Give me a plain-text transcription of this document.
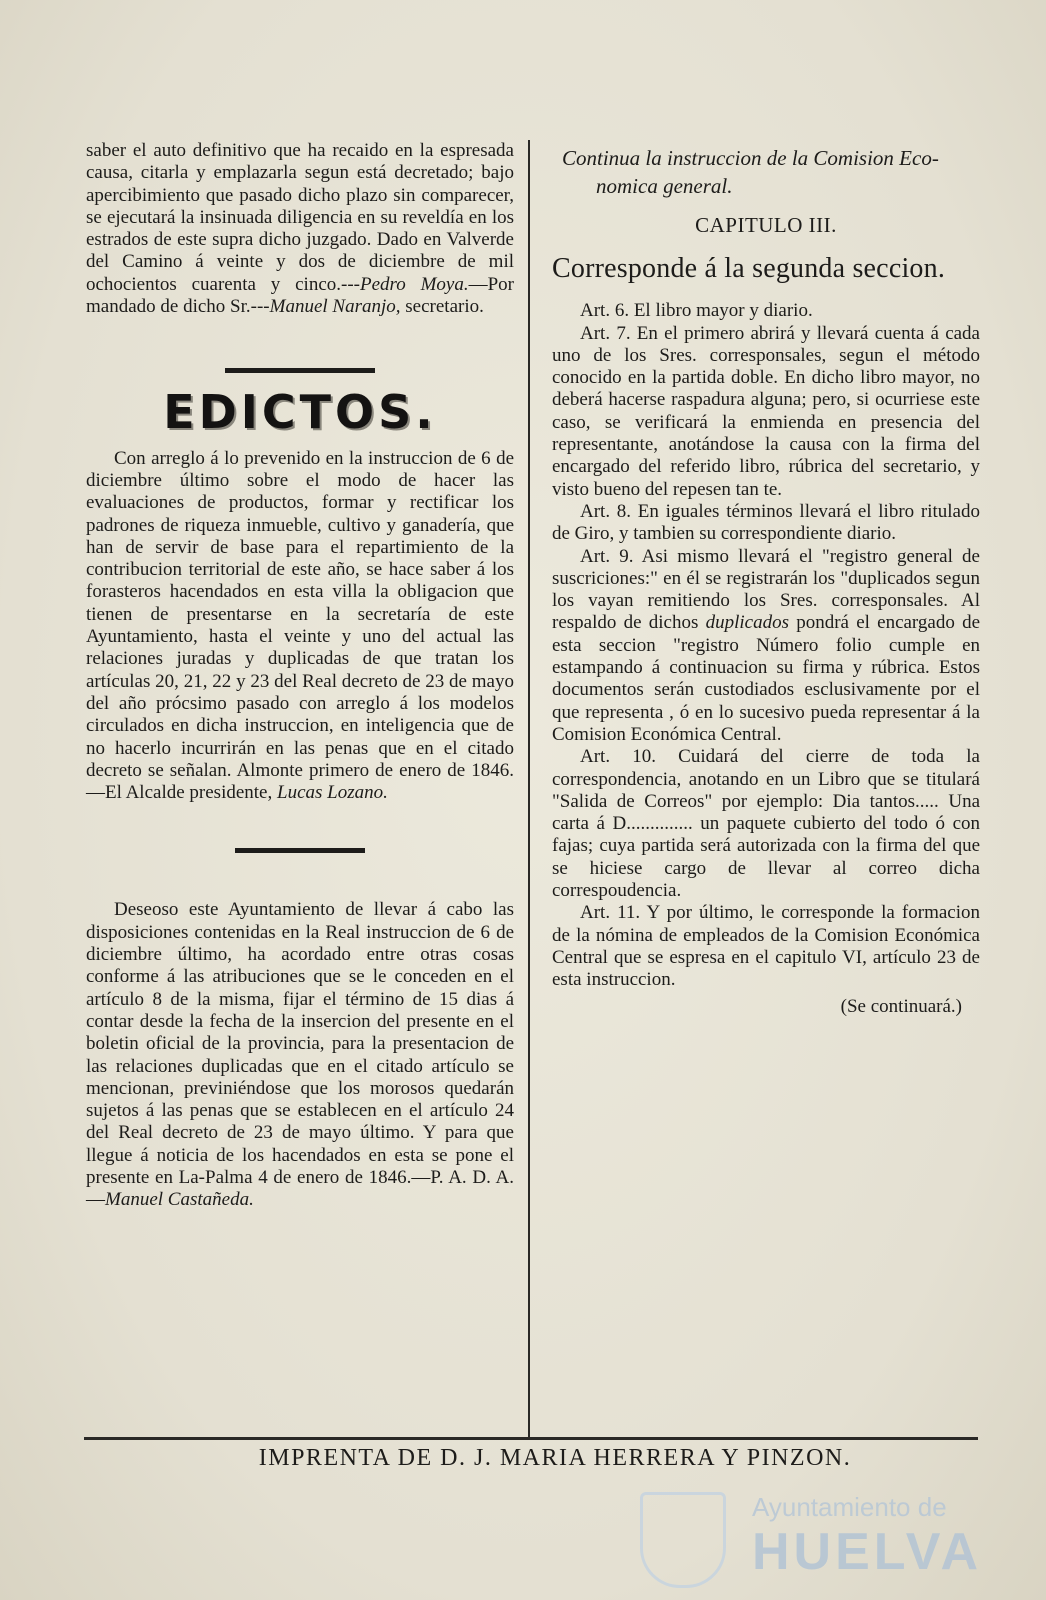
saber el auto definitivo que ha recaido en la espresada causa, citarla y emplazarla segun está decretado; bajo apercibimiento que pasado dicho plazo sin comparecer, se ejecutará la insinuada diligencia en su reveldía en los estrados de este supra dicho juzgado. Dado en Valverde del Camino á veinte y dos de diciembre de mil ochocientos cuarenta y cinco.---Pedro Moya.—Por mandado de dicho Sr.---Manuel Naranjo, secretario.

EDICTOS.

Con arreglo á lo prevenido en la instruccion de 6 de diciembre último sobre el modo de hacer las evaluaciones de productos, formar y rectificar los padrones de riqueza inmueble, cultivo y ganadería, que han de servir de base para el repartimiento de la contribucion territorial de este año, se hace saber á los forasteros hacendados en esta villa la obligacion que tienen de presentarse en la secretaría de este Ayuntamiento, hasta el veinte y uno del actual las relaciones juradas y duplicadas de que tratan los artículas 20, 21, 22 y 23 del Real decreto de 23 de mayo del año prócsimo pasado con arreglo á los modelos circulados en dicha instruccion, en inteligencia que de no hacerlo incurrirán en las penas que en el citado decreto se señalan. Almonte primero de enero de 1846.—El Alcalde presidente, Lucas Lozano.

Deseoso este Ayuntamiento de llevar á cabo las disposiciones contenidas en la Real instruccion de 6 de diciembre último, ha acordado entre otras cosas conforme á las atribuciones que se le conceden en el artículo 8 de la misma, fijar el término de 15 dias á contar desde la fecha de la insercion del presente en el boletin oficial de la provincia, para la presentacion de las relaciones duplicadas que en el citado artículo se mencionan, previniéndose que los morosos quedarán sujetos á las penas que se establecen en el artículo 24 del Real decreto de 23 de mayo último. Y para que llegue á noticia de los hacendados en esta se pone el presente en La-Palma 4 de enero de 1846.—P. A. D. A.—Manuel Castañeda.

Continua la instruccion de la Comision Eco-
nomica general.

CAPITULO III.

Corresponde á la segunda seccion.

Art. 6. El libro mayor y diario.

Art. 7. En el primero abrirá y llevará cuenta á cada uno de los Sres. corresponsales, segun el método conocido en la partida doble. En dicho libro mayor, no deberá hacerse raspadura alguna; pero, si ocurriese este caso, se verificará la enmienda en presencia del representante, anotándose la causa con la firma del encargado del referido libro, rúbrica del secretario, y visto bueno del repesen tan te.

Art. 8. En iguales términos llevará el libro ritulado de Giro, y tambien su correspondiente diario.

Art. 9. Asi mismo llevará el "registro general de suscriciones:" en él se registrarán los "duplicados segun los vayan remitiendo los Sres. corresponsales. Al respaldo de dichos duplicados pondrá el encargado de esta seccion "registro Número folio cumple en estampando á continuacion su firma y rúbrica. Estos documentos serán custodiados esclusivamente por el que representa , ó en lo sucesivo pueda representar á la Comision Económica Central.

Art. 10. Cuidará del cierre de toda la correspondencia, anotando en un Libro que se titulará "Salida de Correos" por ejemplo: Dia tantos..... Una carta á D.............. un paquete cubierto del todo ó con fajas; cuya partida será autorizada con la firma del que se hiciese cargo de llevar al correo dicha correspoudencia.

Art. 11. Y por último, le corresponde la formacion de la nómina de empleados de la Comision Económica Central que se espresa en el capitulo VI, artículo 23 de esta instruccion.

(Se continuará.)

IMPRENTA DE D. J. MARIA HERRERA Y PINZON.
Ayuntamiento de
HUELVA
